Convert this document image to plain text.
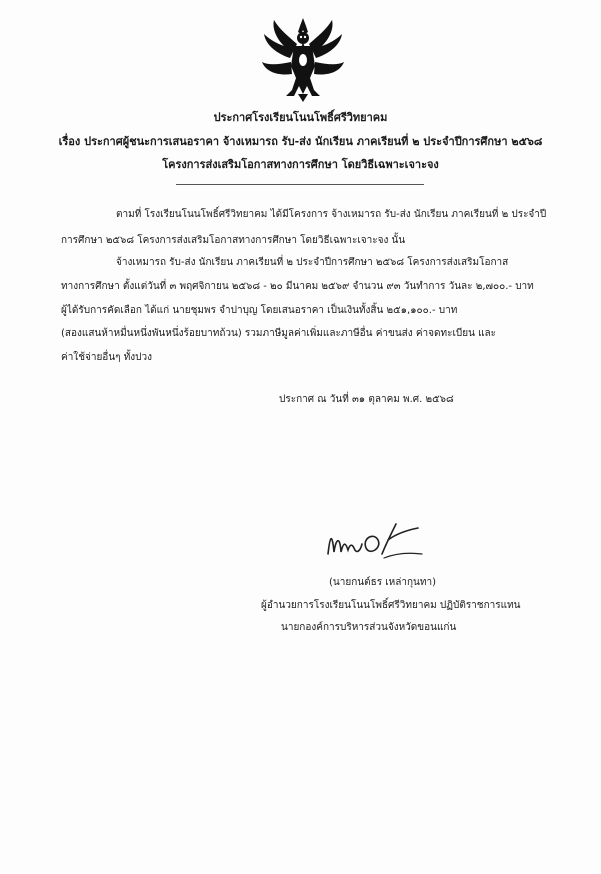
ประกาศโรงเรียนโนนโพธิ์ศรีวิทยาคม
เรื่อง ประกาศผู้ชนะการเสนอราคา จ้างเหมารถ รับ-ส่ง นักเรียน ภาคเรียนที่ ๒ ประจำปีการศึกษา ๒๕๖๘
โครงการส่งเสริมโอกาสทางการศึกษา โดยวิธีเฉพาะเจาะจง
ตามที่ โรงเรียนโนนโพธิ์ศรีวิทยาคม ได้มีโครงการ จ้างเหมารถ รับ-ส่ง นักเรียน ภาคเรียนที่ ๒ ประจำปี
การศึกษา ๒๕๖๘ โครงการส่งเสริมโอกาสทางการศึกษา โดยวิธีเฉพาะเจาะจง นั้น
จ้างเหมารถ รับ-ส่ง นักเรียน ภาคเรียนที่ ๒ ประจำปีการศึกษา ๒๕๖๘ โครงการส่งเสริมโอกาส
ทางการศึกษา ตั้งแต่วันที่ ๓ พฤศจิกายน ๒๕๖๘ - ๒๐ มีนาคม ๒๕๖๙ จำนวน ๙๓ วันทำการ วันละ ๒,๗๐๐.- บาท
ผู้ได้รับการคัดเลือก ได้แก่ นายชุมพร จำปาบุญ โดยเสนอราคา เป็นเงินทั้งสิ้น ๒๕๑,๑๐๐.- บาท
(สองแสนห้าหมื่นหนึ่งพันหนึ่งร้อยบาทถ้วน) รวมภาษีมูลค่าเพิ่มและภาษีอื่น ค่าขนส่ง ค่าจดทะเบียน และ
ค่าใช้จ่ายอื่นๆ ทั้งปวง
ประกาศ ณ วันที่ ๓๑ ตุลาคม พ.ศ. ๒๕๖๘
(นายกนต์ธร เหล่ากุนทา)
ผู้อำนวยการโรงเรียนโนนโพธิ์ศรีวิทยาคม ปฏิบัติราชการแทน
นายกองค์การบริหารส่วนจังหวัดขอนแก่น
